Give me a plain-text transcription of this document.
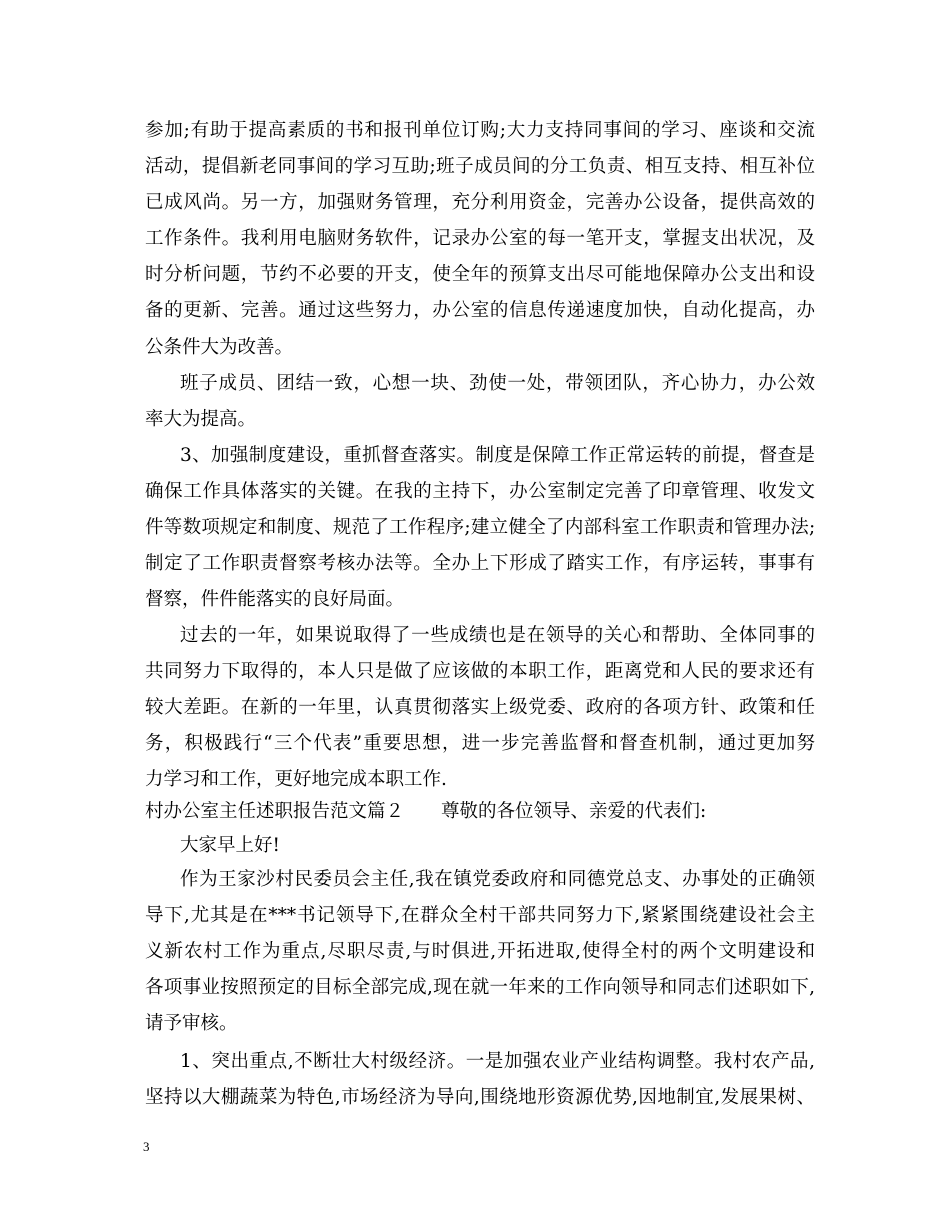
参加;有助于提高素质的书和报刊单位订购;大力支持同事间的学习、座谈和交流
活动，提倡新老同事间的学习互助;班子成员间的分工负责、相互支持、相互补位
已成风尚。另一方，加强财务管理，充分利用资金，完善办公设备，提供高效的
工作条件。我利用电脑财务软件，记录办公室的每一笔开支，掌握支出状况，及
时分析问题，节约不必要的开支，使全年的预算支出尽可能地保障办公支出和设
备的更新、完善。通过这些努力，办公室的信息传递速度加快，自动化提高，办
公条件大为改善。
班子成员、团结一致，心想一块、劲使一处，带领团队，齐心协力，办公效
率大为提高。
3、加强制度建设，重抓督查落实。制度是保障工作正常运转的前提，督查是
确保工作具体落实的关键。在我的主持下，办公室制定完善了印章管理、收发文
件等数项规定和制度、规范了工作程序;建立健全了内部科室工作职责和管理办法;
制定了工作职责督察考核办法等。全办上下形成了踏实工作，有序运转，事事有
督察，件件能落实的良好局面。
过去的一年，如果说取得了一些成绩也是在领导的关心和帮助、全体同事的
共同努力下取得的，本人只是做了应该做的本职工作，距离党和人民的要求还有
较大差距。在新的一年里，认真贯彻落实上级党委、政府的各项方针、政策和任
务，积极践行“三个代表”重要思想，进一步完善监督和督查机制，通过更加努
力学习和工作，更好地完成本职工作.
村办公室主任述职报告范文篇２　　尊敬的各位领导、亲爱的代表们:
大家早上好!
作为王家沙村民委员会主任,我在镇党委政府和同德党总支、办事处的正确领
导下,尤其是在***书记领导下,在群众全村干部共同努力下,紧紧围绕建设社会主
义新农村工作为重点,尽职尽责,与时俱进,开拓进取,使得全村的两个文明建设和
各项事业按照预定的目标全部完成,现在就一年来的工作向领导和同志们述职如下,
请予审核。
1、突出重点,不断壮大村级经济。一是加强农业产业结构调整。我村农产品,
坚持以大棚蔬菜为特色,市场经济为导向,围绕地形资源优势,因地制宜,发展果树、
3
